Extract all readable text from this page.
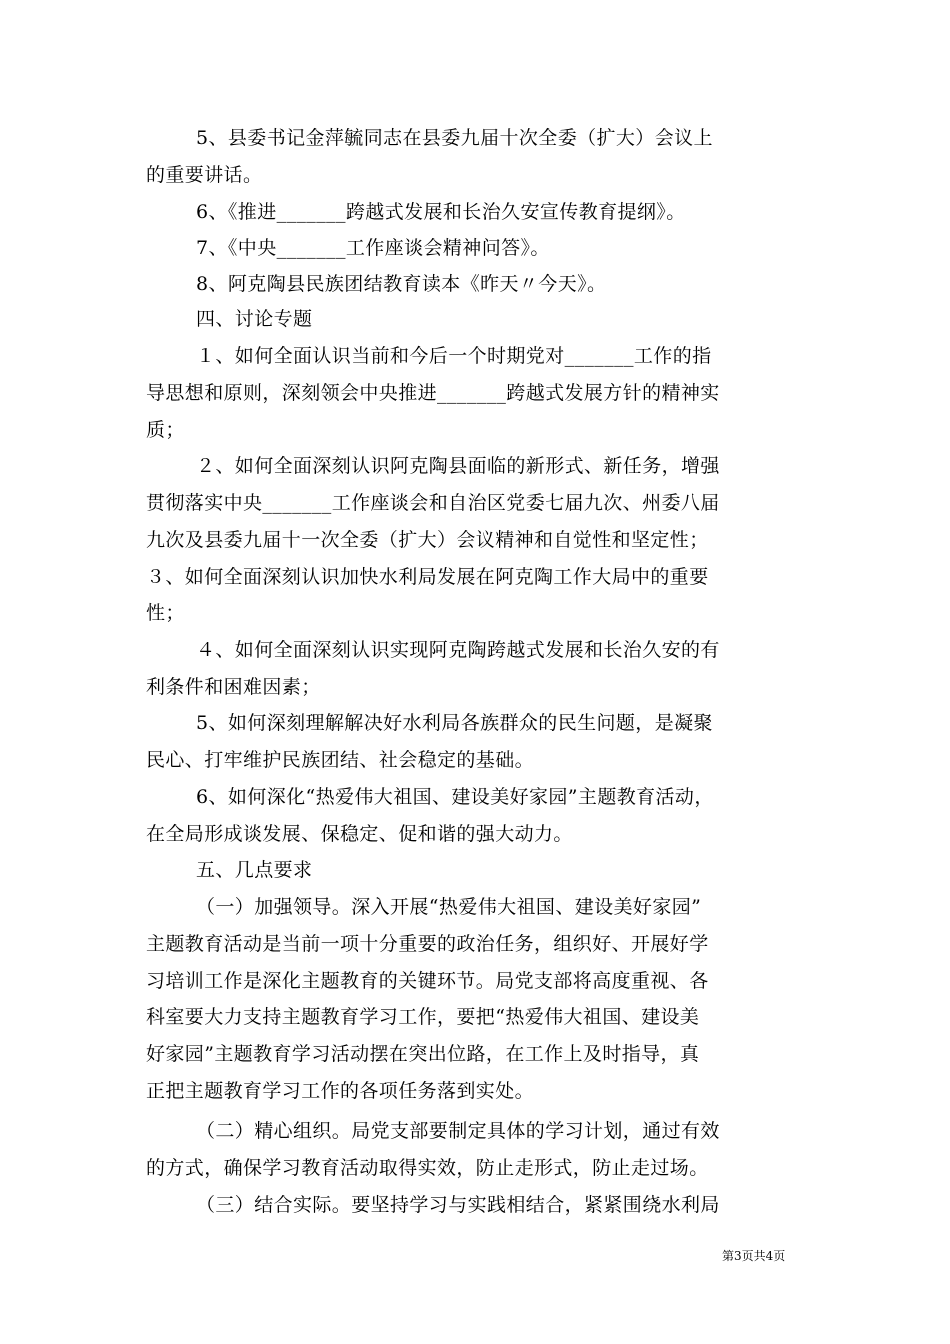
5、县委书记金萍毓同志在县委九届十次全委（扩大）会议上
的重要讲话。
6、《推进_______跨越式发展和长治久安宣传教育提纲》。
7、《中央_______工作座谈会精神问答》。
8、阿克陶县民族团结教育读本《昨天〃今天》。
四、讨论专题
１、如何全面认识当前和今后一个时期党对_______工作的指
导思想和原则，深刻领会中央推进_______跨越式发展方针的精神实
质；
２、如何全面深刻认识阿克陶县面临的新形式、新任务，增强
贯彻落实中央_______工作座谈会和自治区党委七届九次、州委八届
九次及县委九届十一次全委（扩大）会议精神和自觉性和坚定性；
３、如何全面深刻认识加快水利局发展在阿克陶工作大局中的重要
性；
４、如何全面深刻认识实现阿克陶跨越式发展和长治久安的有
利条件和困难因素；
5、如何深刻理解解决好水利局各族群众的民生问题，是凝聚
民心、打牢维护民族团结、社会稳定的基础。
6、如何深化“热爱伟大祖国、建设美好家园”主题教育活动，
在全局形成谈发展、保稳定、促和谐的强大动力。
五、几点要求
（一）加强领导。深入开展“热爱伟大祖国、建设美好家园”
主题教育活动是当前一项十分重要的政治任务，组织好、开展好学
习培训工作是深化主题教育的关键环节。局党支部将高度重视、各
科室要大力支持主题教育学习工作，要把“热爱伟大祖国、建设美
好家园”主题教育学习活动摆在突出位路，在工作上及时指导，真
正把主题教育学习工作的各项任务落到实处。
（二）精心组织。局党支部要制定具体的学习计划，通过有效
的方式，确保学习教育活动取得实效，防止走形式，防止走过场。
（三）结合实际。要坚持学习与实践相结合，紧紧围绕水利局
第3页共4页
